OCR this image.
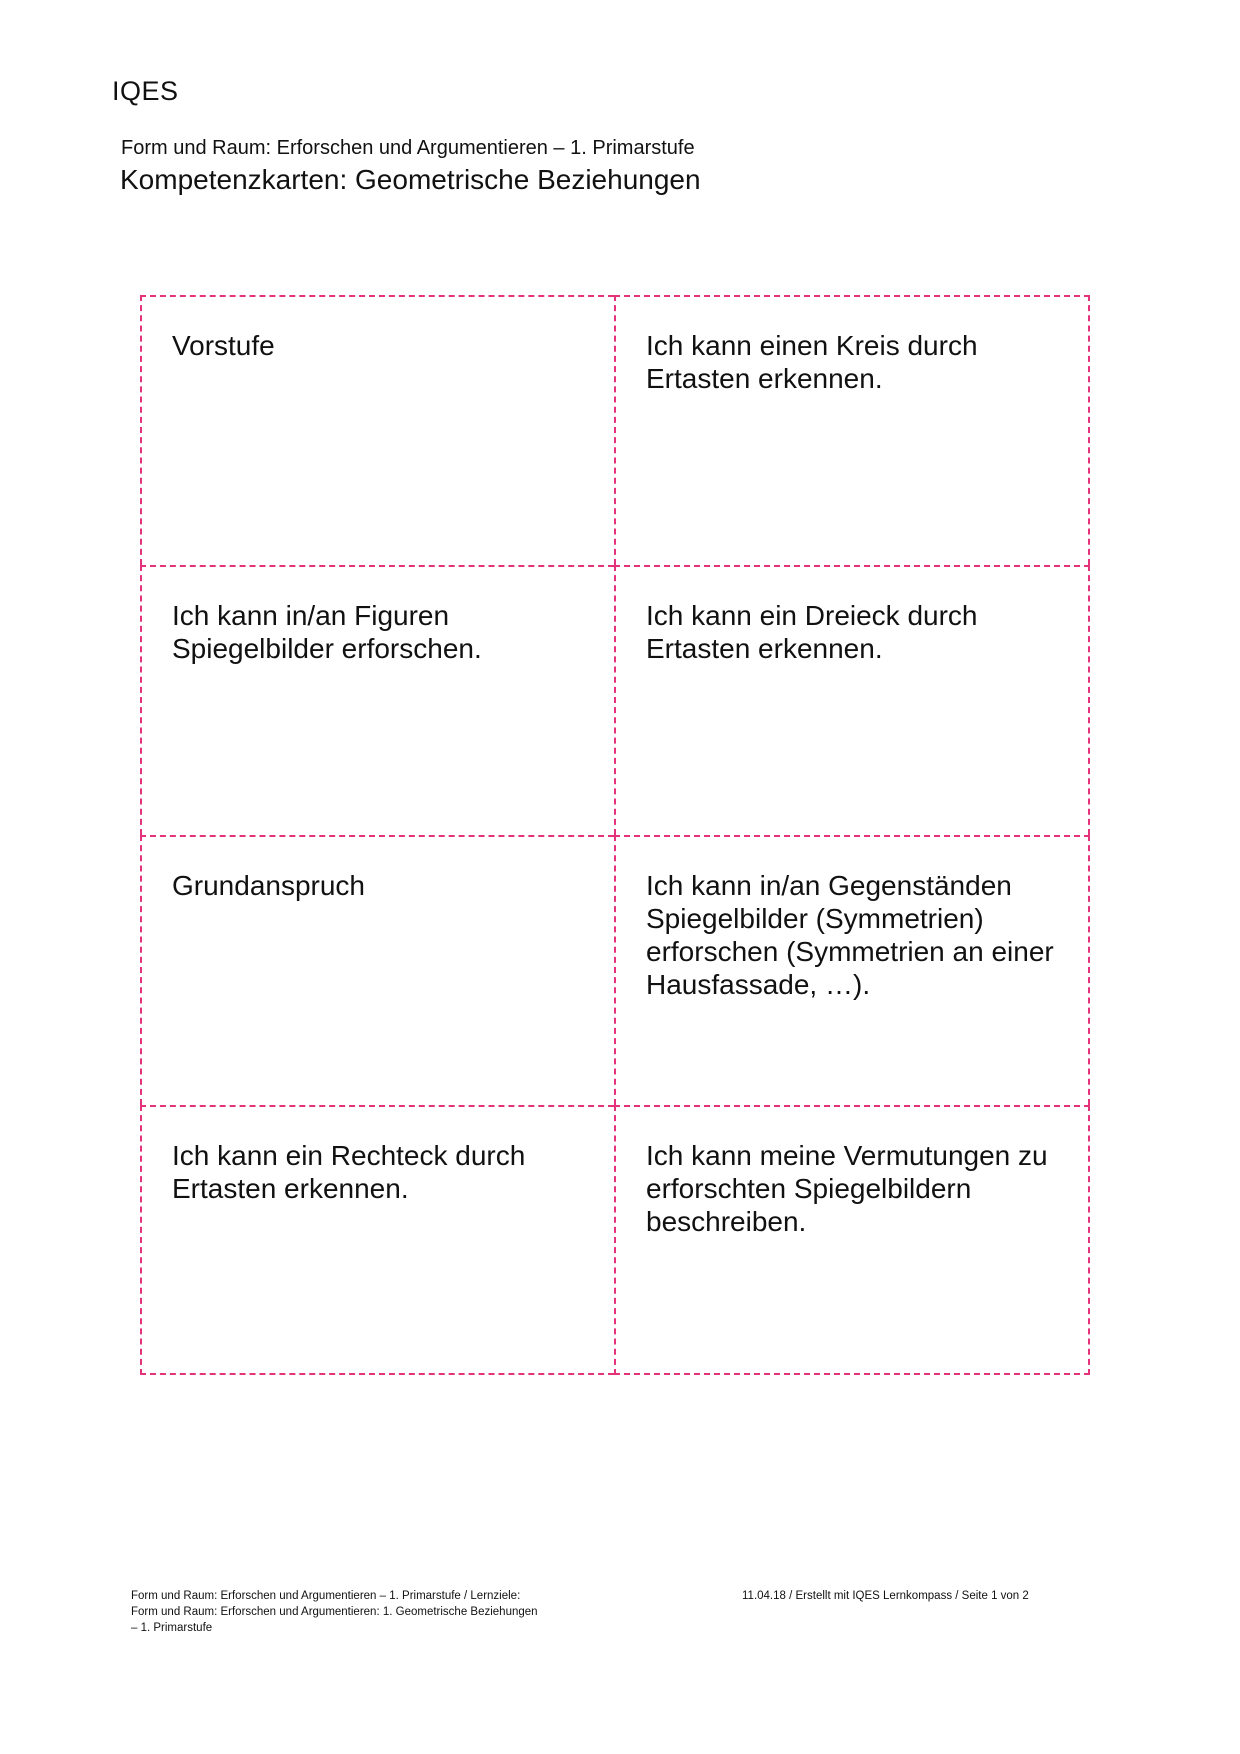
IQES
Form und Raum: Erforschen und Argumentieren – 1. Primarstufe
Kompetenzkarten: Geometrische Beziehungen
Vorstufe	Ich kann einen Kreis durch Ertasten erkennen.
Ich kann in/an Figuren Spiegelbilder erforschen.
Ich kann ein Dreieck durch Ertasten erkennen.
Grundanspruch	Ich kann in/an Gegenständen Spiegelbilder (Symmetrien) erforschen (Symmetrien an einer Hausfassade, …).
Ich kann ein Rechteck durch Ertasten erkennen.
Ich kann meine Vermutungen zu erforschten Spiegelbildern beschreiben.
Form und Raum: Erforschen und Argumentieren – 1. Primarstufe / Lernziele:
Form und Raum: Erforschen und Argumentieren: 1. Geometrische Beziehungen
– 1. Primarstufe
11.04.18 / Erstellt mit IQES Lernkompass / Seite 1 von 2
